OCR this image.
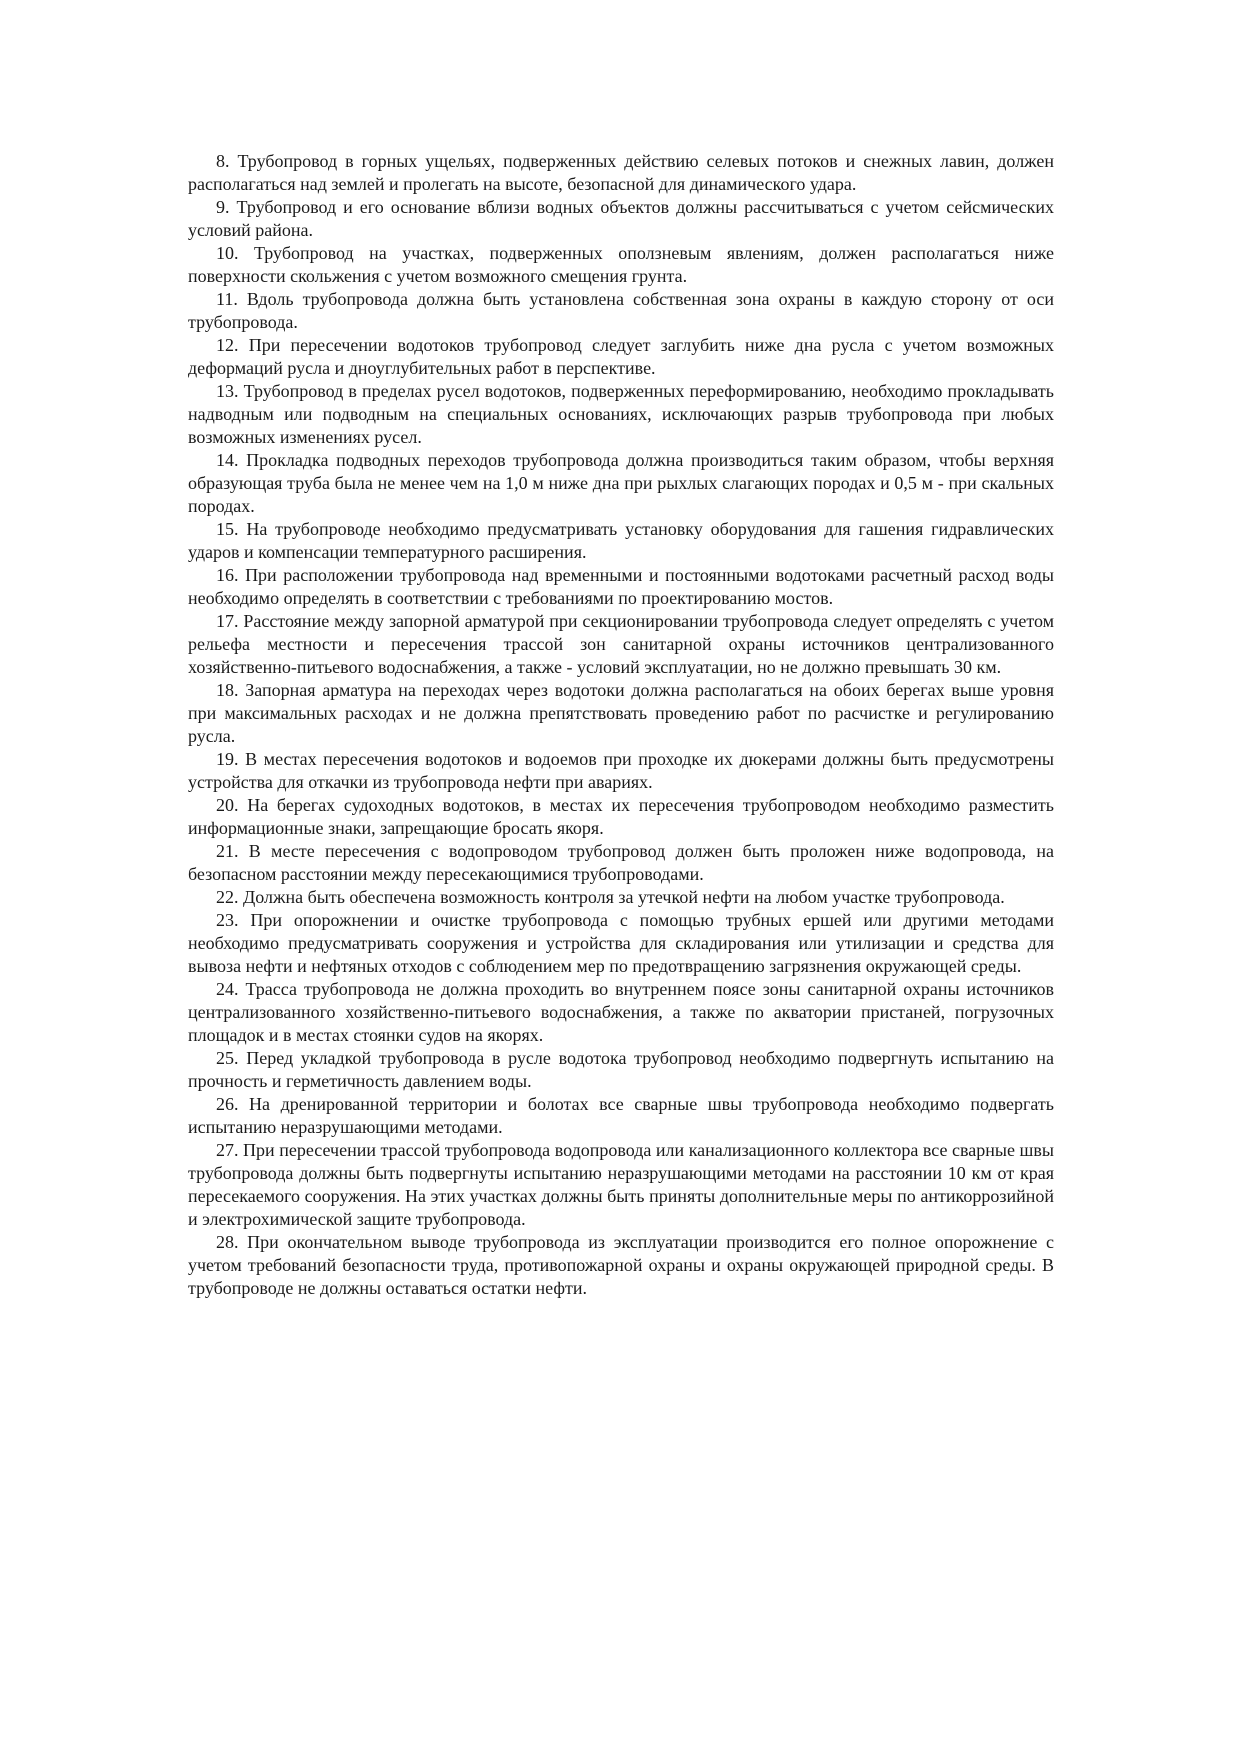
8. Трубопровод в горных ущельях, подверженных действию селевых потоков и снежных лавин, должен располагаться над землей и пролегать на высоте, безопасной для динамического удара.

9. Трубопровод и его основание вблизи водных объектов должны рассчитываться с учетом сейсмических условий района.

10. Трубопровод на участках, подверженных оползневым явлениям, должен располагаться ниже поверхности скольжения с учетом возможного смещения грунта.

11. Вдоль трубопровода должна быть установлена собственная зона охраны в каждую сторону от оси трубопровода.

12. При пересечении водотоков трубопровод следует заглубить ниже дна русла с учетом возможных деформаций русла и дноуглубительных работ в перспективе.

13. Трубопровод в пределах русел водотоков, подверженных переформированию, необходимо прокладывать надводным или подводным на специальных основаниях, исключающих разрыв трубопровода при любых возможных изменениях русел.

14. Прокладка подводных переходов трубопровода должна производиться таким образом, чтобы верхняя образующая труба была не менее чем на 1,0 м ниже дна при рыхлых слагающих породах и 0,5 м - при скальных породах.

15. На трубопроводе необходимо предусматривать установку оборудования для гашения гидравлических ударов и компенсации температурного расширения.

16. При расположении трубопровода над временными и постоянными водотоками расчетный расход воды необходимо определять в соответствии с требованиями по проектированию мостов.

17. Расстояние между запорной арматурой при секционировании трубопровода следует определять с учетом рельефа местности и пересечения трассой зон санитарной охраны источников централизованного хозяйственно-питьевого водоснабжения, а также - условий эксплуатации, но не должно превышать 30 км.

18. Запорная арматура на переходах через водотоки должна располагаться на обоих берегах выше уровня при максимальных расходах и не должна препятствовать проведению работ по расчистке и регулированию русла.

19. В местах пересечения водотоков и водоемов при проходке их дюкерами должны быть предусмотрены устройства для откачки из трубопровода нефти при авариях.

20. На берегах судоходных водотоков, в местах их пересечения трубопроводом необходимо разместить информационные знаки, запрещающие бросать якоря.

21. В месте пересечения с водопроводом трубопровод должен быть проложен ниже водопровода, на безопасном расстоянии между пересекающимися трубопроводами.

22. Должна быть обеспечена возможность контроля за утечкой нефти на любом участке трубопровода.

23. При опорожнении и очистке трубопровода с помощью трубных ершей или другими методами необходимо предусматривать сооружения и устройства для складирования или утилизации и средства для вывоза нефти и нефтяных отходов с соблюдением мер по предотвращению загрязнения окружающей среды.

24. Трасса трубопровода не должна проходить во внутреннем поясе зоны санитарной охраны источников централизованного хозяйственно-питьевого водоснабжения, а также по акватории пристаней, погрузочных площадок и в местах стоянки судов на якорях.

25. Перед укладкой трубопровода в русле водотока трубопровод необходимо подвергнуть испытанию на прочность и герметичность давлением воды.

26. На дренированной территории и болотах все сварные швы трубопровода необходимо подвергать испытанию неразрушающими методами.

27. При пересечении трассой трубопровода водопровода или канализационного коллектора все сварные швы трубопровода должны быть подвергнуты испытанию неразрушающими методами на расстоянии 10 км от края пересекаемого сооружения. На этих участках должны быть приняты дополнительные меры по антикоррозийной и электрохимической защите трубопровода.

28. При окончательном выводе трубопровода из эксплуатации производится его полное опорожнение с учетом требований безопасности труда, противопожарной охраны и охраны окружающей природной среды. В трубопроводе не должны оставаться остатки нефти.
